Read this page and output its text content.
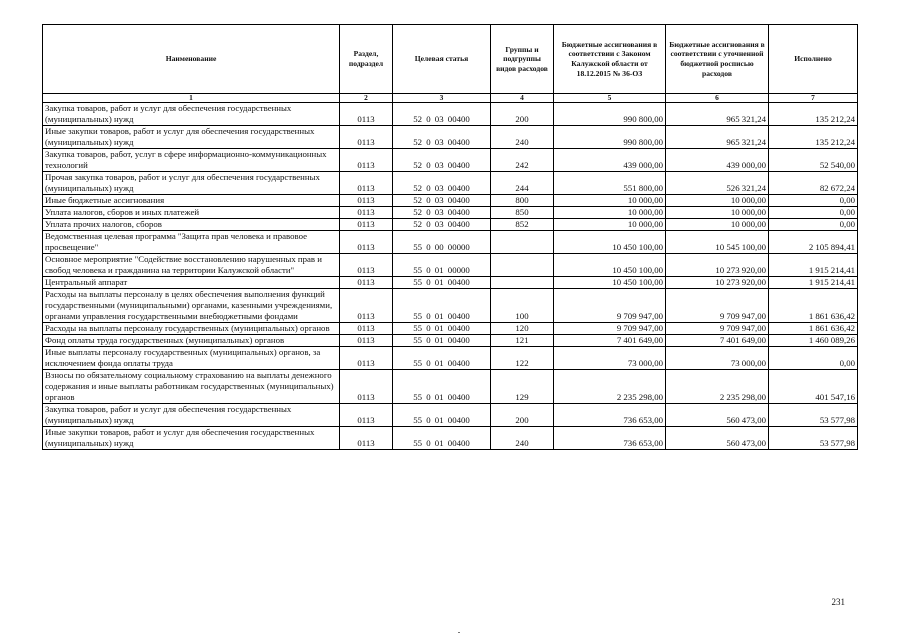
Наименование	Раздел, подраздел	Целевая статья	Группы и подгруппы видов расходов	Бюджетные ассигнования в соответствии с Законом Калужской области от 18.12.2015 № 36-ОЗ	Бюджетные ассигнования в соответствии с уточненной бюджетной росписью расходов	Исполнено
1	2	3	4	5	6	7
Закупка товаров, работ и услуг для обеспечения государственных (муниципальных) нужд	0113	52 0 03 00400	200	990 800,00	965 321,24	135 212,24
Иные закупки товаров, работ и услуг для обеспечения государственных (муниципальных) нужд	0113	52 0 03 00400	240	990 800,00	965 321,24	135 212,24
Закупка товаров, работ, услуг в сфере информационно-коммуникационных технологий	0113	52 0 03 00400	242	439 000,00	439 000,00	52 540,00
Прочая закупка товаров, работ и услуг для обеспечения государственных (муниципальных) нужд	0113	52 0 03 00400	244	551 800,00	526 321,24	82 672,24
Иные бюджетные ассигнования	0113	52 0 03 00400	800	10 000,00	10 000,00	0,00
Уплата налогов, сборов и иных платежей	0113	52 0 03 00400	850	10 000,00	10 000,00	0,00
Уплата прочих налогов, сборов	0113	52 0 03 00400	852	10 000,00	10 000,00	0,00
Ведомственная целевая программа "Защита прав человека и правовое просвещение"	0113	55 0 00 00000		10 450 100,00	10 545 100,00	2 105 894,41
Основное мероприятие "Содействие восстановлению нарушенных прав и свобод человека и гражданина на территории Калужской области"	0113	55 0 01 00000		10 450 100,00	10 273 920,00	1 915 214,41
Центральный аппарат	0113	55 0 01 00400		10 450 100,00	10 273 920,00	1 915 214,41
Расходы на выплаты персоналу в целях обеспечения выполнения функций государственными (муниципальными) органами, казенными учреждениями, органами управления государственными внебюджетными фондами	0113	55 0 01 00400	100	9 709 947,00	9 709 947,00	1 861 636,42
Расходы на выплаты персоналу государственных (муниципальных) органов	0113	55 0 01 00400	120	9 709 947,00	9 709 947,00	1 861 636,42
Фонд оплаты труда государственных (муниципальных) органов	0113	55 0 01 00400	121	7 401 649,00	7 401 649,00	1 460 089,26
Иные выплаты персоналу государственных (муниципальных) органов, за исключением фонда оплаты труда	0113	55 0 01 00400	122	73 000,00	73 000,00	0,00
Взносы по обязательному социальному страхованию на выплаты денежного содержания и иные выплаты работникам государственных (муниципальных) органов	0113	55 0 01 00400	129	2 235 298,00	2 235 298,00	401 547,16
Закупка товаров, работ и услуг для обеспечения государственных (муниципальных) нужд	0113	55 0 01 00400	200	736 653,00	560 473,00	53 577,98
Иные закупки товаров, работ и услуг для обеспечения государственных (муниципальных) нужд	0113	55 0 01 00400	240	736 653,00	560 473,00	53 577,98
231
